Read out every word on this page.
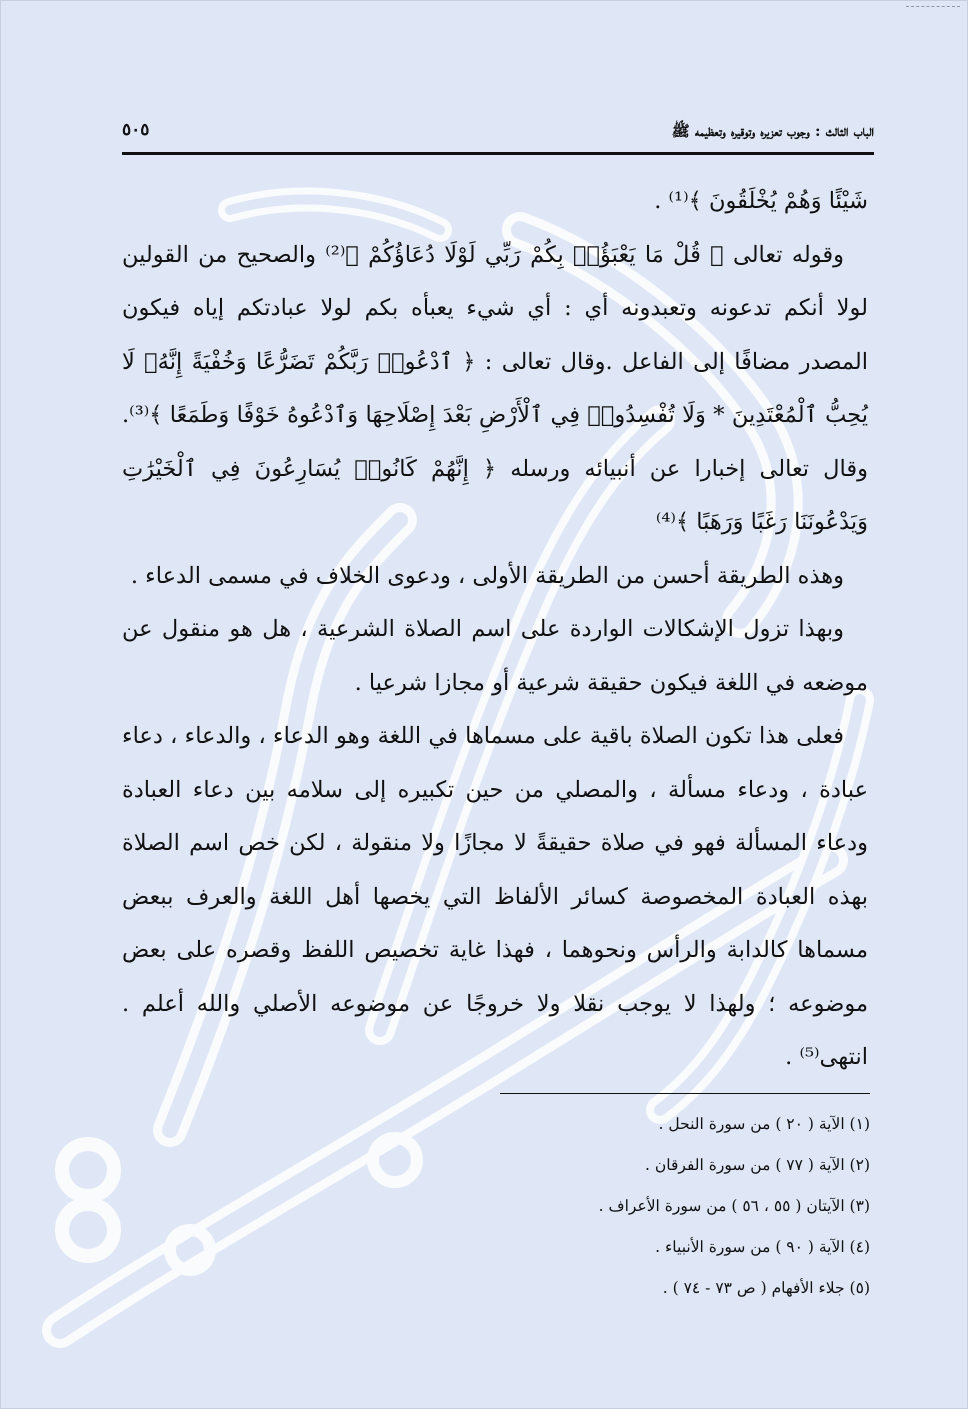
الباب الثالث : وجوب تعزيره وتوقيره وتعظيمه ﷺ
٥٠٥

شَيْئًا وَهُمْ يُخْلَقُونَ ﴾⁽¹⁾ .

وقوله تعالى ﴿ قُلْ مَا يَعْبَؤُا۟ بِكُمْ رَبِّي لَوْلَا دُعَاؤُكُمْ ﴾⁽²⁾ والصحيح من القولين لولا أنكم تدعونه وتعبدونه أي : أي شيء يعبأه بكم لولا عبادتكم إياه فيكون المصدر مضافًا إلى الفاعل .وقال تعالى : ﴿ ٱدْعُوا۟ رَبَّكُمْ تَضَرُّعًا وَخُفْيَةً إِنَّهُۥ لَا يُحِبُّ ٱلْمُعْتَدِينَ * وَلَا تُفْسِدُوا۟ فِي ٱلْأَرْضِ بَعْدَ إِصْلَاحِهَا وَٱدْعُوهُ خَوْفًا وَطَمَعًا ﴾⁽³⁾. وقال تعالى إخبارا عن أنبيائه ورسله ﴿ إِنَّهُمْ كَانُوا۟ يُسَارِعُونَ فِي ٱلْخَيْرَٰتِ وَيَدْعُونَنَا رَغَبًا وَرَهَبًا ﴾⁽⁴⁾

وهذه الطريقة أحسن من الطريقة الأولى ، ودعوى الخلاف في مسمى الدعاء .

وبهذا تزول الإشكالات الواردة على اسم الصلاة الشرعية ، هل هو منقول عن موضعه في اللغة فيكون حقيقة شرعية أو مجازا شرعيا .

فعلى هذا تكون الصلاة باقية على مسماها في اللغة وهو الدعاء ، والدعاء ، دعاء عبادة ، ودعاء مسألة ، والمصلي من حين تكبيره إلى سلامه بين دعاء العبادة ودعاء المسألة فهو في صلاة حقيقةً لا مجازًا ولا منقولة ، لكن خص اسم الصلاة بهذه العبادة المخصوصة كسائر الألفاظ التي يخصها أهل اللغة والعرف ببعض مسماها كالدابة والرأس ونحوهما ، فهذا غاية تخصيص اللفظ وقصره على بعض موضوعه ؛ ولهذا لا يوجب نقلا ولا خروجًا عن موضوعه الأصلي والله أعلم . انتهى⁽⁵⁾ .

(١) الآية ( ٢٠ ) من سورة النحل .
(٢) الآية ( ٧٧ ) من سورة الفرقان .
(٣) الآيتان ( ٥٥ ، ٥٦ ) من سورة الأعراف .
(٤) الآية ( ٩٠ ) من سورة الأنبياء .
(٥) جلاء الأفهام ( ص ٧٣ - ٧٤ ) .
